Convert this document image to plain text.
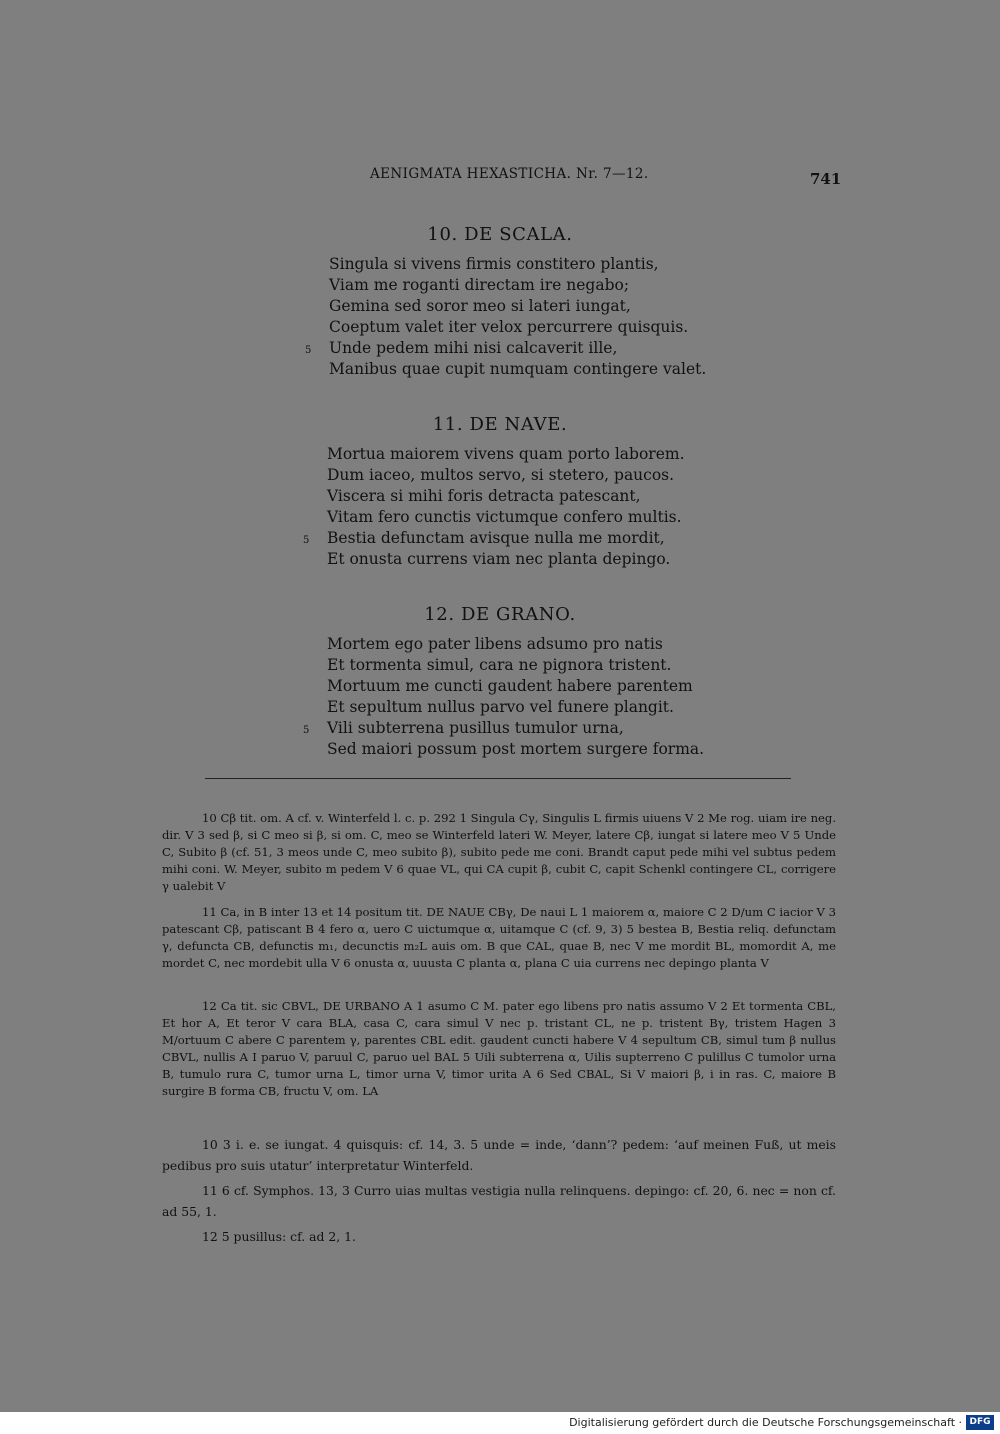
AENIGMATA HEXASTICHA. Nr. 7—12.	741
10. DE SCALA.
Singula si vivens firmis constitero plantis,
Viam me roganti directam ire negabo;
Gemina sed soror meo si lateri iungat,
Coeptum valet iter velox percurrere quisquis.
5 Unde pedem mihi nisi calcaverit ille,
Manibus quae cupit numquam contingere valet.
11. DE NAVE.
Mortua maiorem vivens quam porto laborem.
Dum iaceo, multos servo, si stetero, paucos.
Viscera si mihi foris detracta patescant,
Vitam fero cunctis victumque confero multis.
5 Bestia defunctam avisque nulla me mordit,
Et onusta currens viam nec planta depingo.
12. DE GRANO.
Mortem ego pater libens adsumo pro natis
Et tormenta simul, cara ne pignora tristent.
Mortuum me cuncti gaudent habere parentem
Et sepultum nullus parvo vel funere plangit.
5 Vili subterrena pusillus tumulor urna,
Sed maiori possum post mortem surgere forma.

10 Cβ tit. om. A cf. v. Winterfeld l. c. p. 292 1 Singula Cγ, Singulis L firmis uiuens V 2 Me rog. uiam ire neg. dir. V 3 sed β, si C meo si β, si om. C, meo se Winterfeld lateri W. Meyer, latere Cβ, iungat si latere meo V 5 Unde C, Subito β (cf. 51, 3 meos unde C, meo subito β), subito pede me coni. Brandt caput pede mihi vel subtus pedem mihi coni. W. Meyer, subito m pedem V 6 quae VL, qui CA cupit β, cubit C, capit Schenkl contingere CL, corrigere γ ualebit V

11 Ca, in B inter 13 et 14 positum tit. DE NAUE CBγ, De naui L 1 maiorem α, maiore C 2 D/um C iacior V 3 patescant Cβ, patiscant B 4 fero α, uero C uictumque α, uitamque C (cf. 9, 3) 5 bestea B, Bestia reliq. defunctam γ, defuncta CB, defunctis m₁, decunctis m₂L auis om. B que CAL, quae B, nec V me mordit BL, momordit A, me mordet C, nec mordebit ulla V 6 onusta α, uuusta C planta α, plana C uia currens nec depingo planta V

12 Ca tit. sic CBVL, DE URBANO A 1 asumo C M. pater ego libens pro natis assumo V 2 Et tormenta CBL, Et hor A, Et teror V cara BLA, casa C, cara simul V nec p. tristant CL, ne p. tristent Bγ, tristem Hagen 3 M/ortuum C abere C parentem γ, parentes CBL edit. gaudent cuncti habere V 4 sepultum CB, simul tum β nullus CBVL, nullis A I paruo V, paruul C, paruo uel BAL 5 Uili subterrena α, Uilis supterreno C pulillus C tumolor urna B, tumulo rura C, tumor urna L, timor urna V, timor urita A 6 Sed CBAL, Si V maiori β, i in ras. C, maiore B surgire B forma CB, fructu V, om. LA

10 3 i. e. se iungat. 4 quisquis: cf. 14, 3. 5 unde = inde, ‘dann’? pedem: ‘auf meinen Fuß, ut meis pedibus pro suis utatur’ interpretatur Winterfeld.

11 6 cf. Symphos. 13, 3 Curro uias multas vestigia nulla relinquens. depingo: cf. 20, 6. nec = non cf. ad 55, 1.

12 5 pusillus: cf. ad 2, 1.

Digitalisierung gefördert durch die Deutsche Forschungsgemeinschaft · DFG
